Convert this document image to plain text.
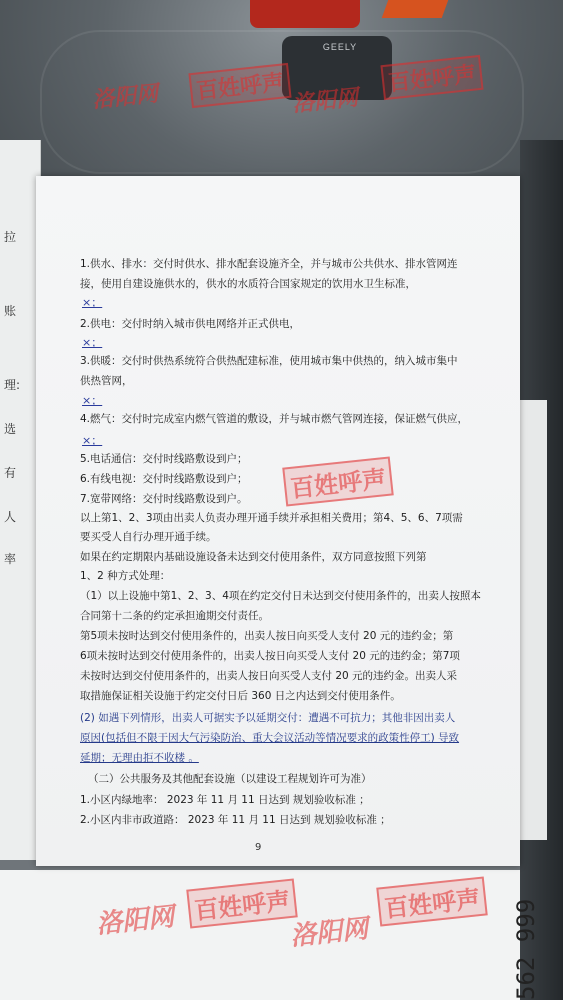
GEELY
562 999
拉
账
理:
选
有
人
率
1.供水、排水：交付时供水、排水配套设施齐全，并与城市公共供水、排水管网连
接，使用自建设施供水的，供水的水质符合国家规定的饮用水卫生标准，
×；
2.供电：交付时纳入城市供电网络并正式供电，
×；
3.供暖：交付时供热系统符合供热配建标准，使用城市集中供热的，纳入城市集中
供热管网，
×；
4.燃气：交付时完成室内燃气管道的敷设，并与城市燃气管网连接，保证燃气供应，
×；
5.电话通信：交付时线路敷设到户；
6.有线电视：交付时线路敷设到户；
7.宽带网络：交付时线路敷设到户。
以上第1、2、3项由出卖人负责办理开通手续并承担相关费用；第4、5、6、7项需
要买受人自行办理开通手续。
如果在约定期限内基础设施设备未达到交付使用条件，双方同意按照下列第
1、2 种方式处理：
（1）以上设施中第1、2、3、4项在约定交付日未达到交付使用条件的，出卖人按照本
合同第十二条的约定承担逾期交付责任。
第5项未按时达到交付使用条件的，出卖人按日向买受人支付 20 元的违约金；第
6项未按时达到交付使用条件的，出卖人按日向买受人支付 20 元的违约金；第7项
未按时达到交付使用条件的，出卖人按日向买受人支付 20 元的违约金。出卖人采
取措施保证相关设施于约定交付日后 360 日之内达到交付使用条件。
(2) 如遇下列情形，出卖人可据实予以延期交付：遭遇不可抗力；其他非因出卖人
原因(包括但不限于因大气污染防治、重大会议活动等情况要求的政策性停工) 导致
延期；无理由拒不收楼 。
（二）公共服务及其他配套设施（以建设工程规划许可为准）
1.小区内绿地率： 2023 年 11 月 11 日达到 规划验收标准 ；
2.小区内非市政道路： 2023 年 11 月 11 日达到 规划验收标准 ；
9
洛阳网 百姓呼声 洛阳网
百姓呼声
百姓呼声
洛阳网 百姓呼声
洛阳网
百姓呼声
